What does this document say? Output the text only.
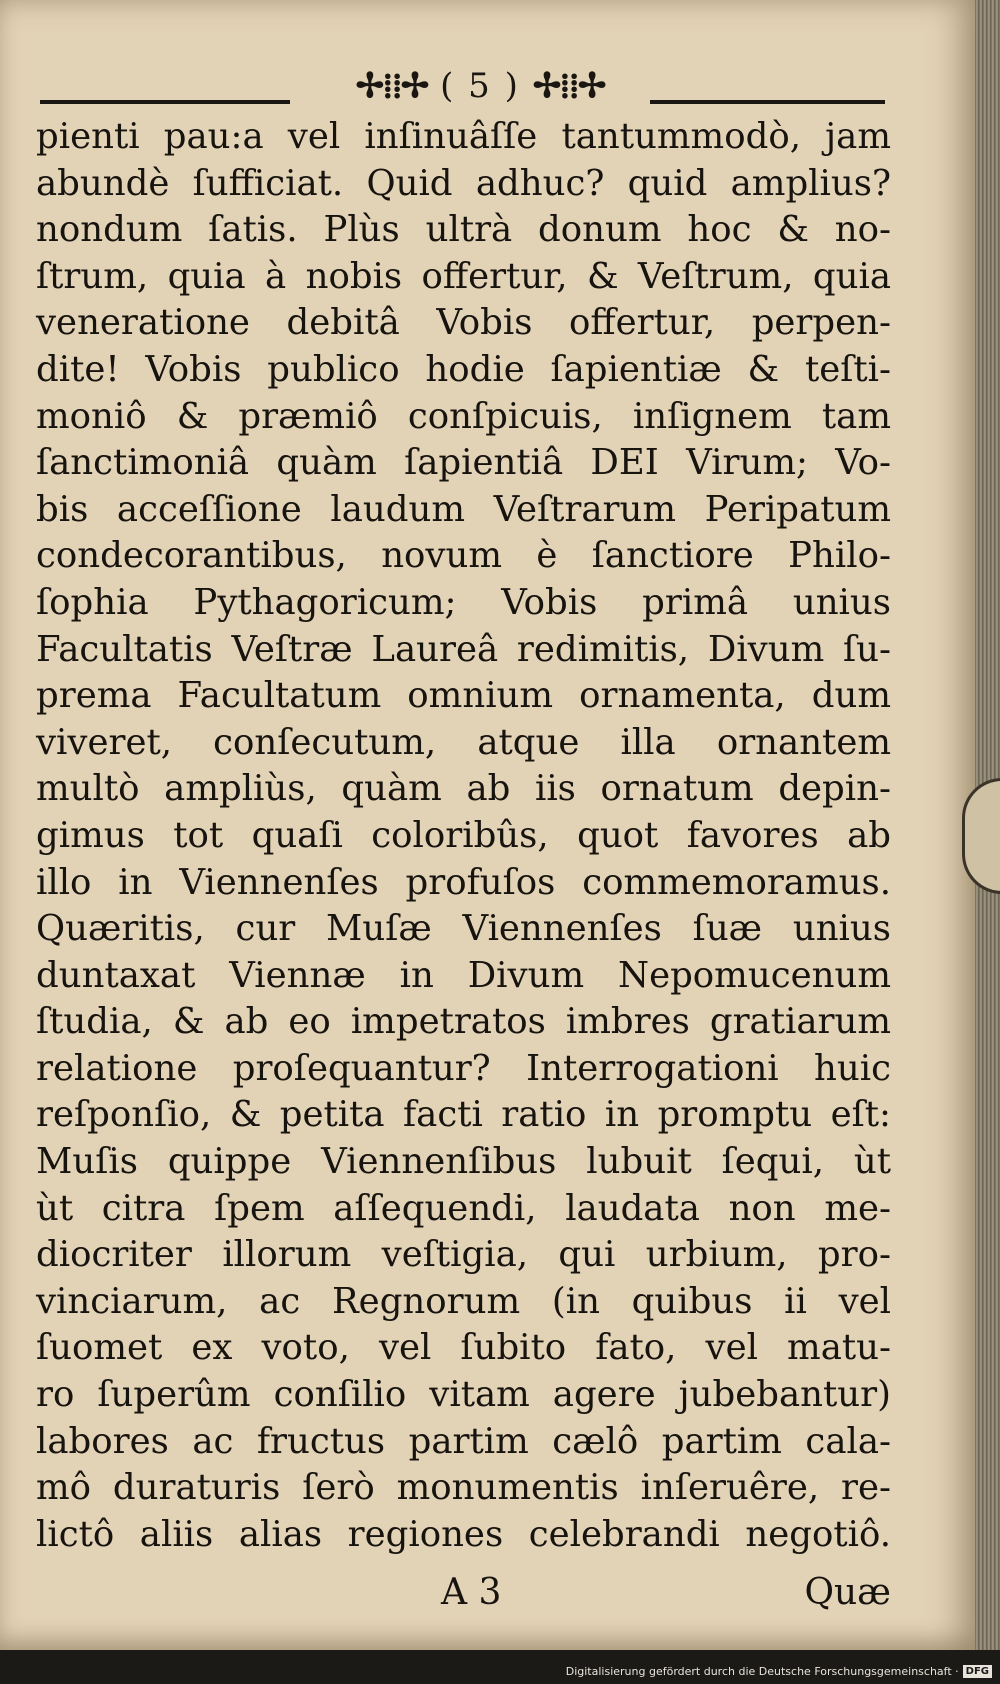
✢⁞⁞✢ ( 5 ) ✢⁞⁞✢
pienti pau:a vel inſinuâſſe tantummodò, jam
abundè ſufficiat. Quid adhuc? quid amplius?
nondum ſatis. Plùs ultrà donum hoc & no-
ſtrum, quia à nobis offertur, & Veſtrum, quia
veneratione debitâ Vobis offertur, perpen-
dite! Vobis publico hodie ſapientiæ & teſti-
moniô & præmiô conſpicuis, inſignem tam
ſanctimoniâ quàm ſapientiâ DEI Virum; Vo-
bis acceſſione laudum Veſtrarum Peripatum
condecorantibus, novum è ſanctiore Philo-
ſophia Pythagoricum; Vobis primâ unius
Facultatis Veſtræ Laureâ redimitis, Divum ſu-
prema Facultatum omnium ornamenta, dum
viveret, conſecutum, atque illa ornantem
multò ampliùs, quàm ab iis ornatum depin-
gimus tot quaſi coloribûs, quot favores ab
illo in Viennenſes profuſos commemoramus.
Quæritis, cur Muſæ Viennenſes ſuæ unius
duntaxat Viennæ in Divum Nepomucenum
ſtudia, & ab eo impetratos imbres gratiarum
relatione proſequantur? Interrogationi huic
reſponſio, & petita facti ratio in promptu eſt:
Muſis quippe Viennenſibus lubuit ſequi, ùt
ùt citra ſpem aſſequendi, laudata non me-
diocriter illorum veſtigia, qui urbium, pro-
vinciarum, ac Regnorum (in quibus ii vel
ſuomet ex voto, vel ſubito fato, vel matu-
ro ſuperûm conſilio vitam agere jubebantur)
labores ac fructus partim cælô partim cala-
mô duraturis ſerò monumentis inſeruêre, re-
lictô aliis alias regiones celebrandi negotiô.
A 3	Quæ
Digitalisierung gefördert durch die Deutsche Forschungsgemeinschaft · DFG
